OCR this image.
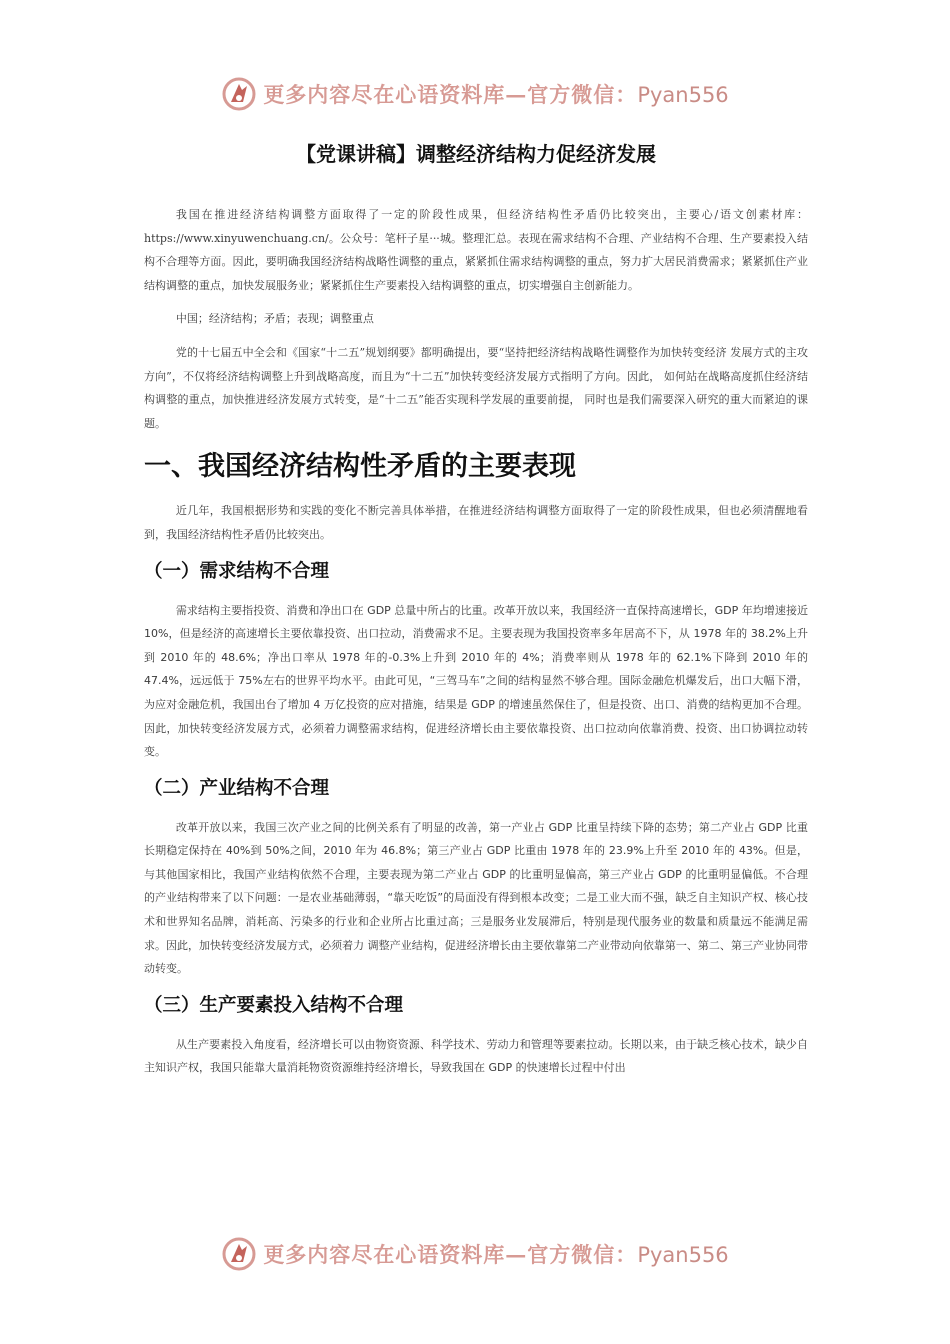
更多内容尽在心语资料库—官方微信：Pyan556
【党课讲稿】调整经济结构力促经济发展

我国在推进经济结构调整方面取得了一定的阶段性成果，但经济结构性矛盾仍比较突出，主要心/语文创素材库：https://www.xinyuwenchuang.cn/。公众号：笔杆子星···城。整理汇总。表现在需求结构不合理、产业结构不合理、生产要素投入结构不合理等方面。因此，要明确我国经济结构战略性调整的重点，紧紧抓住需求结构调整的重点，努力扩大居民消费需求；紧紧抓住产业结构调整的重点，加快发展服务业；紧紧抓住生产要素投入结构调整的重点，切实增强自主创新能力。

中国；经济结构；矛盾；表现；调整重点

党的十七届五中全会和《国家“十二五”规划纲要》都明确提出，要“坚持把经济结构战略性调整作为加快转变经济 发展方式的主攻方向”，不仅将经济结构调整上升到战略高度，而且为“十二五”加快转变经济发展方式指明了方向。因此， 如何站在战略高度抓住经济结构调整的重点，加快推进经济发展方式转变，是“十二五”能否实现科学发展的重要前提， 同时也是我们需要深入研究的重大而紧迫的课题。

一、我国经济结构性矛盾的主要表现

近几年，我国根据形势和实践的变化不断完善具体举措，在推进经济结构调整方面取得了一定的阶段性成果，但也必须清醒地看到，我国经济结构性矛盾仍比较突出。

（一）需求结构不合理

需求结构主要指投资、消费和净出口在 GDP 总量中所占的比重。改革开放以来，我国经济一直保持高速增长，GDP 年均增速接近 10%，但是经济的高速增长主要依靠投资、出口拉动，消费需求不足。主要表现为我国投资率多年居高不下，从 1978 年的 38.2%上升到 2010 年的 48.6%；净出口率从 1978 年的-0.3%上升到 2010 年的 4%；消费率则从 1978 年的 62.1%下降到 2010 年的 47.4%，远远低于 75%左右的世界平均水平。由此可见，“三驾马车”之间的结构显然不够合理。国际金融危机爆发后，出口大幅下滑，为应对金融危机，我国出台了增加 4 万亿投资的应对措施，结果是 GDP 的增速虽然保住了，但是投资、出口、消费的结构更加不合理。因此，加快转变经济发展方式，必须着力调整需求结构，促进经济增长由主要依靠投资、出口拉动向依靠消费、投资、出口协调拉动转变。

（二）产业结构不合理

改革开放以来，我国三次产业之间的比例关系有了明显的改善，第一产业占 GDP 比重呈持续下降的态势；第二产业占 GDP 比重长期稳定保持在 40%到 50%之间，2010 年为 46.8%；第三产业占 GDP 比重由 1978 年的 23.9%上升至 2010 年的 43%。但是，与其他国家相比，我国产业结构依然不合理，主要表现为第二产业占 GDP 的比重明显偏高，第三产业占 GDP 的比重明显偏低。不合理的产业结构带来了以下问题：一是农业基础薄弱，“靠天吃饭”的局面没有得到根本改变；二是工业大而不强，缺乏自主知识产权、核心技术和世界知名品牌，消耗高、污染多的行业和企业所占比重过高；三是服务业发展滞后，特别是现代服务业的数量和质量远不能满足需求。因此，加快转变经济发展方式，必须着力 调整产业结构，促进经济增长由主要依靠第二产业带动向依靠第一、第二、第三产业协同带动转变。

（三）生产要素投入结构不合理

从生产要素投入角度看，经济增长可以由物资资源、科学技术、劳动力和管理等要素拉动。长期以来，由于缺乏核心技术，缺少自主知识产权，我国只能靠大量消耗物资资源维持经济增长，导致我国在 GDP 的快速增长过程中付出

更多内容尽在心语资料库—官方微信：Pyan556
